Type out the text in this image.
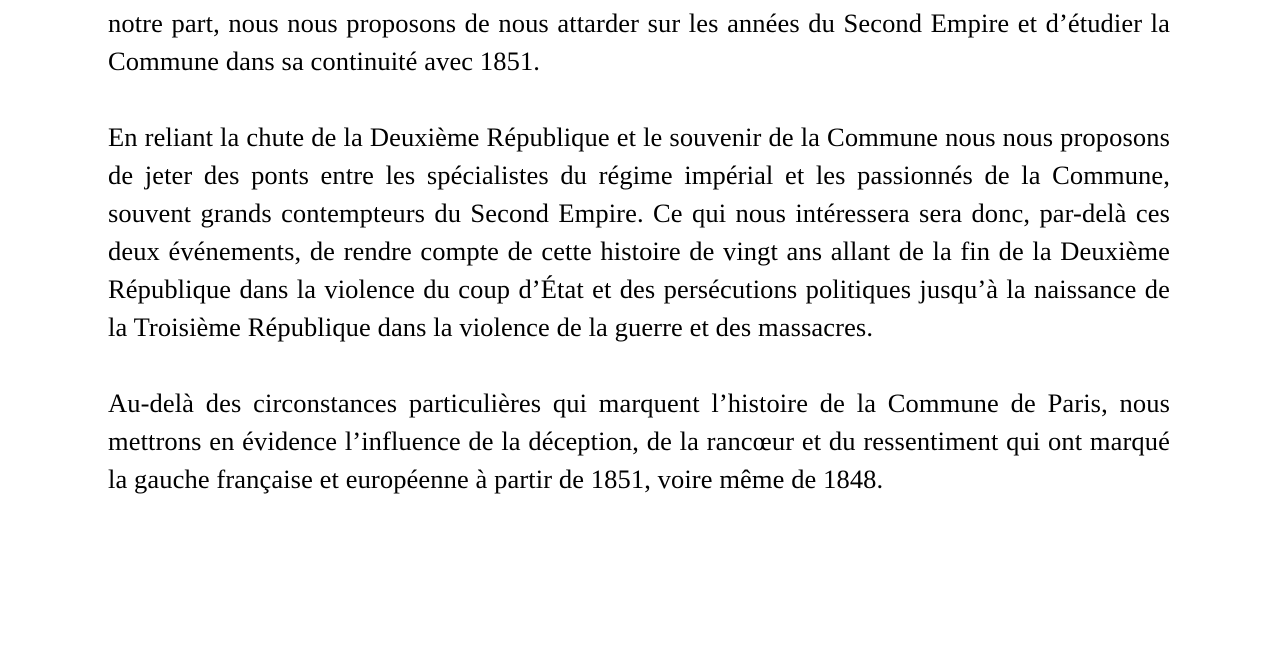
notre part, nous nous proposons de nous attarder sur les années du Second Empire et d’étudier la Commune dans sa continuité avec 1851.

En reliant la chute de la Deuxième République et le souvenir de la Commune nous nous proposons de jeter des ponts entre les spécialistes du régime impérial et les passionnés de la Commune, souvent grands contempteurs du Second Empire. Ce qui nous intéressera sera donc, par-delà ces deux événements, de rendre compte de cette histoire de vingt ans allant de la fin de la Deuxième République dans la violence du coup d’État et des persécutions politiques jusqu’à la naissance de la Troisième République dans la violence de la guerre et des massacres.

Au-delà des circonstances particulières qui marquent l’histoire de la Commune de Paris, nous mettrons en évidence l’influence de la déception, de la rancœur et du ressentiment qui ont marqué la gauche française et européenne à partir de 1851, voire même de 1848.
